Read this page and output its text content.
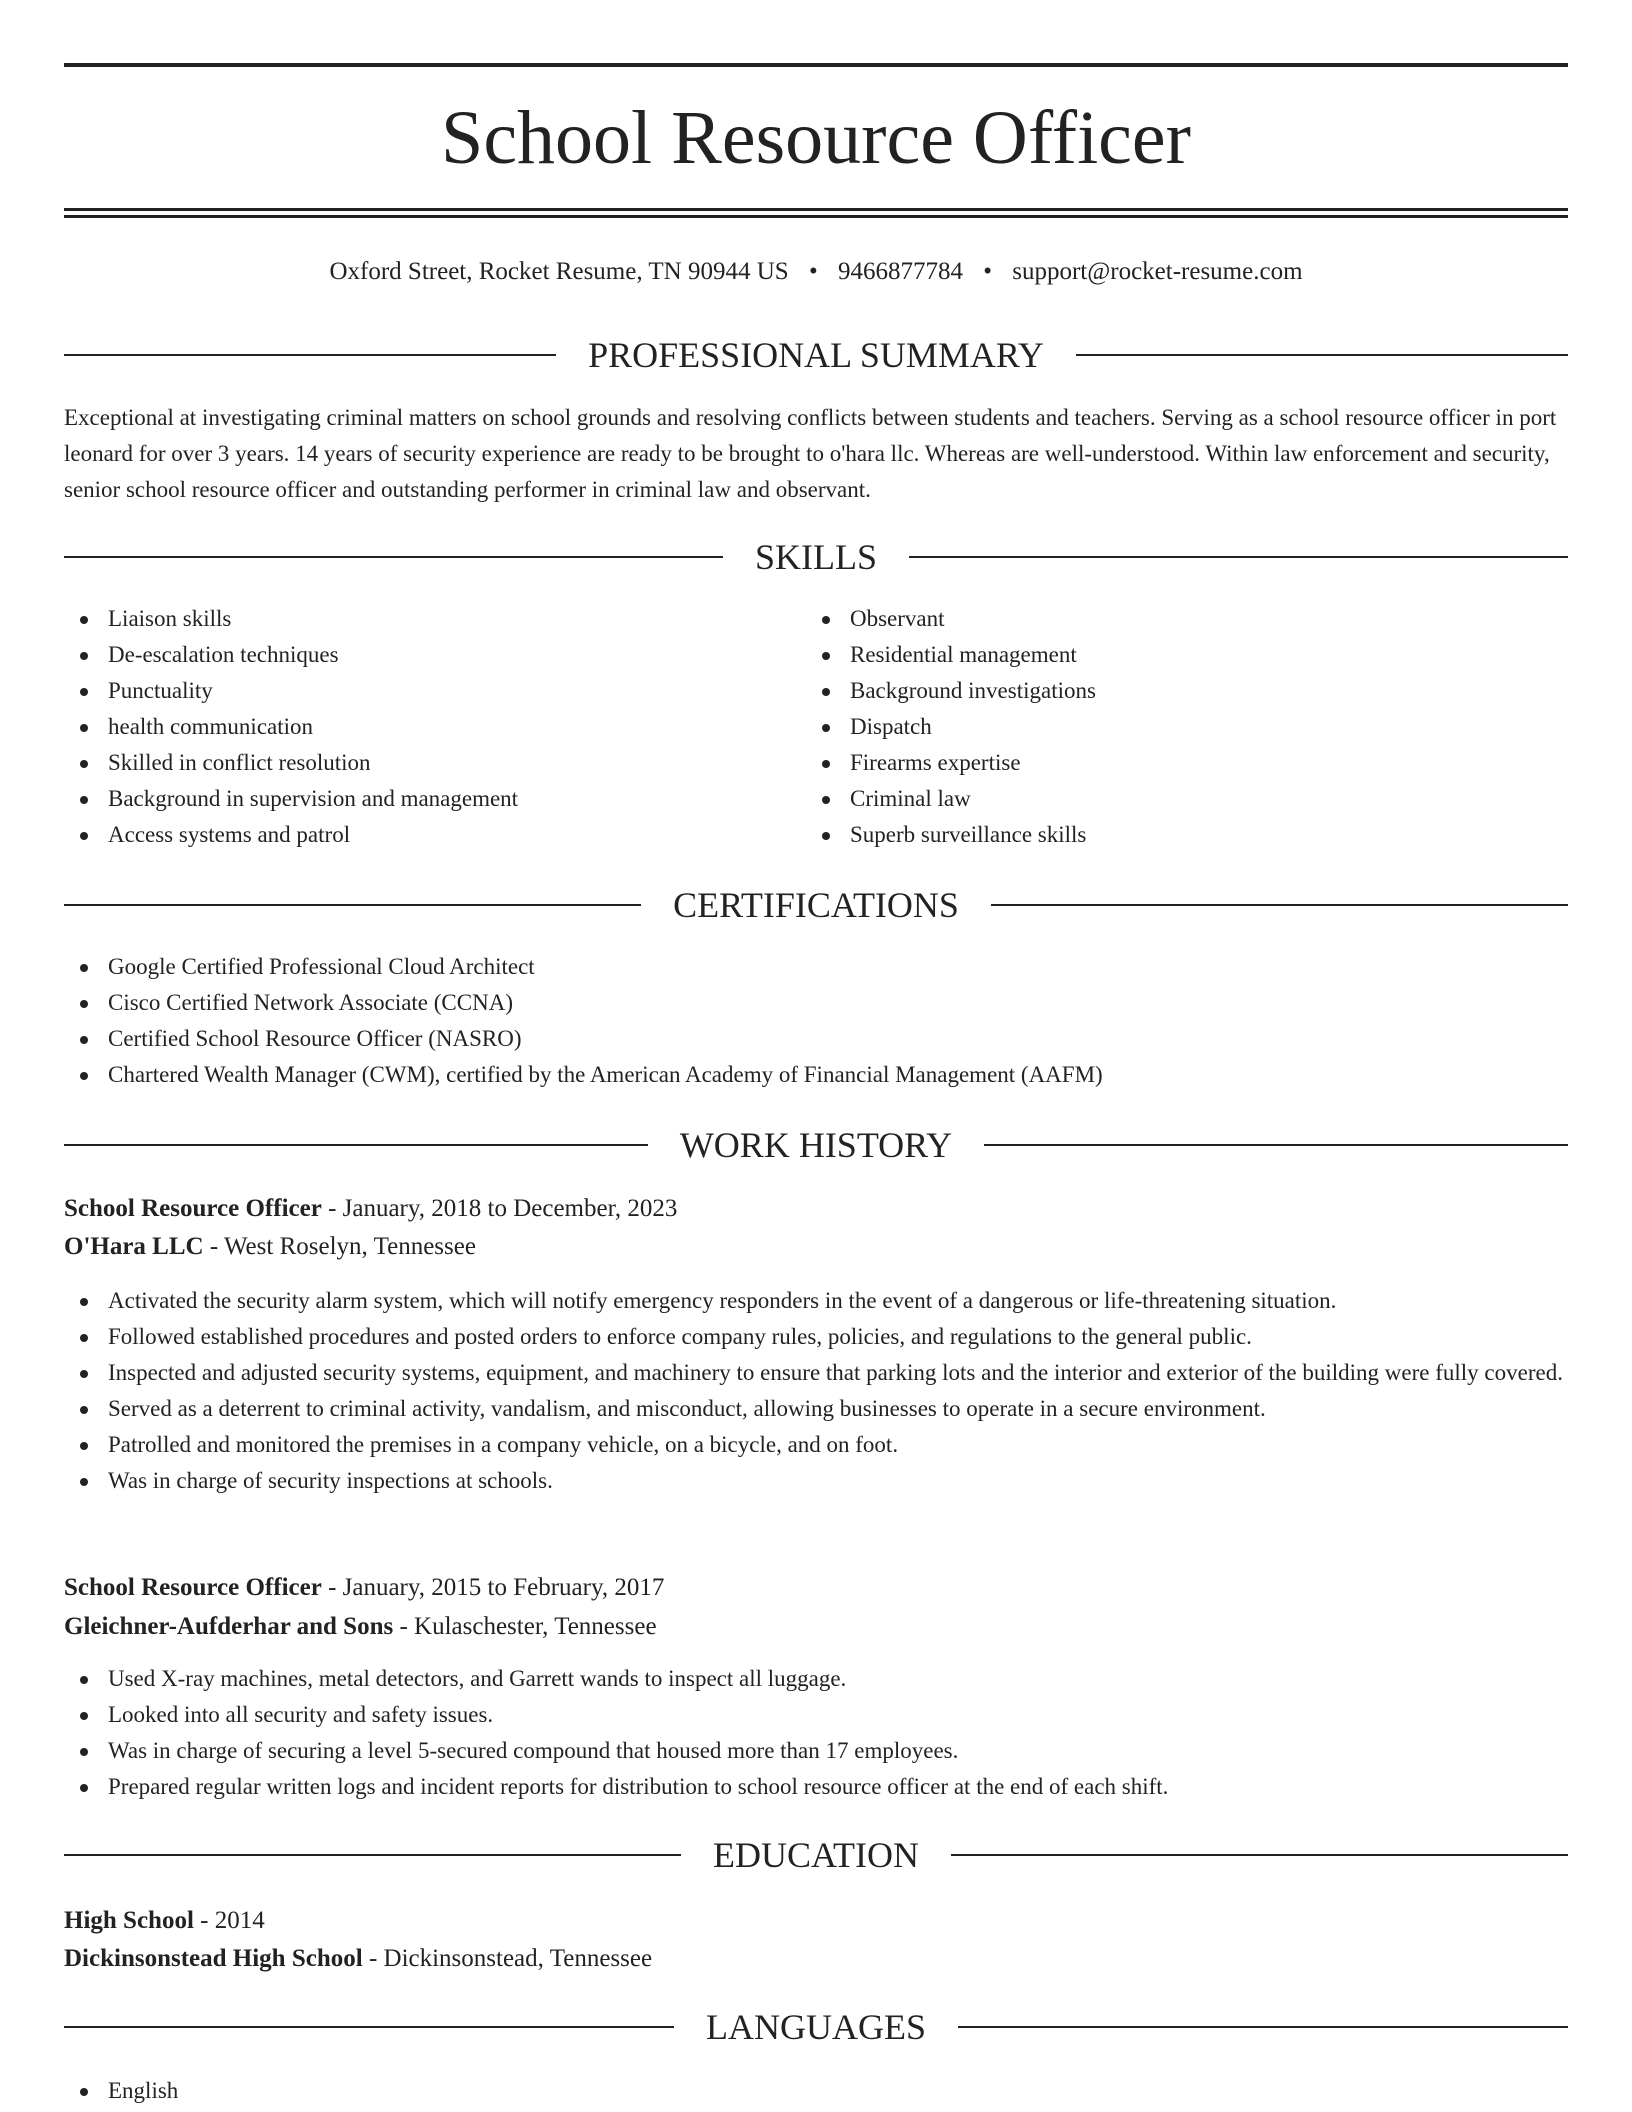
School Resource Officer
Oxford Street, Rocket Resume, TN 90944 US • 9466877784 • support@rocket-resume.com
PROFESSIONAL SUMMARY

Exceptional at investigating criminal matters on school grounds and resolving conflicts between students and teachers. Serving as a school resource officer in port leonard for over 3 years. 14 years of security experience are ready to be brought to o'hara llc. Whereas are well-understood. Within law enforcement and security, senior school resource officer and outstanding performer in criminal law and observant.

SKILLS
Liaison skills
De-escalation techniques
Punctuality
health communication
Skilled in conflict resolution
Background in supervision and management
Access systems and patrol
Observant
Residential management
Background investigations
Dispatch
Firearms expertise
Criminal law
Superb surveillance skills
CERTIFICATIONS
Google Certified Professional Cloud Architect
Cisco Certified Network Associate (CCNA)
Certified School Resource Officer (NASRO)
Chartered Wealth Manager (CWM), certified by the American Academy of Financial Management (AAFM)
WORK HISTORY
School Resource Officer - January, 2018 to December, 2023
O'Hara LLC - West Roselyn, Tennessee
Activated the security alarm system, which will notify emergency responders in the event of a dangerous or life-threatening situation.
Followed established procedures and posted orders to enforce company rules, policies, and regulations to the general public.
Inspected and adjusted security systems, equipment, and machinery to ensure that parking lots and the interior and exterior of the building were fully covered.
Served as a deterrent to criminal activity, vandalism, and misconduct, allowing businesses to operate in a secure environment.
Patrolled and monitored the premises in a company vehicle, on a bicycle, and on foot.
Was in charge of security inspections at schools.
School Resource Officer - January, 2015 to February, 2017
Gleichner-Aufderhar and Sons - Kulaschester, Tennessee
Used X-ray machines, metal detectors, and Garrett wands to inspect all luggage.
Looked into all security and safety issues.
Was in charge of securing a level 5-secured compound that housed more than 17 employees.
Prepared regular written logs and incident reports for distribution to school resource officer at the end of each shift.
EDUCATION
High School - 2014
Dickinsonstead High School - Dickinsonstead, Tennessee
LANGUAGES
English
